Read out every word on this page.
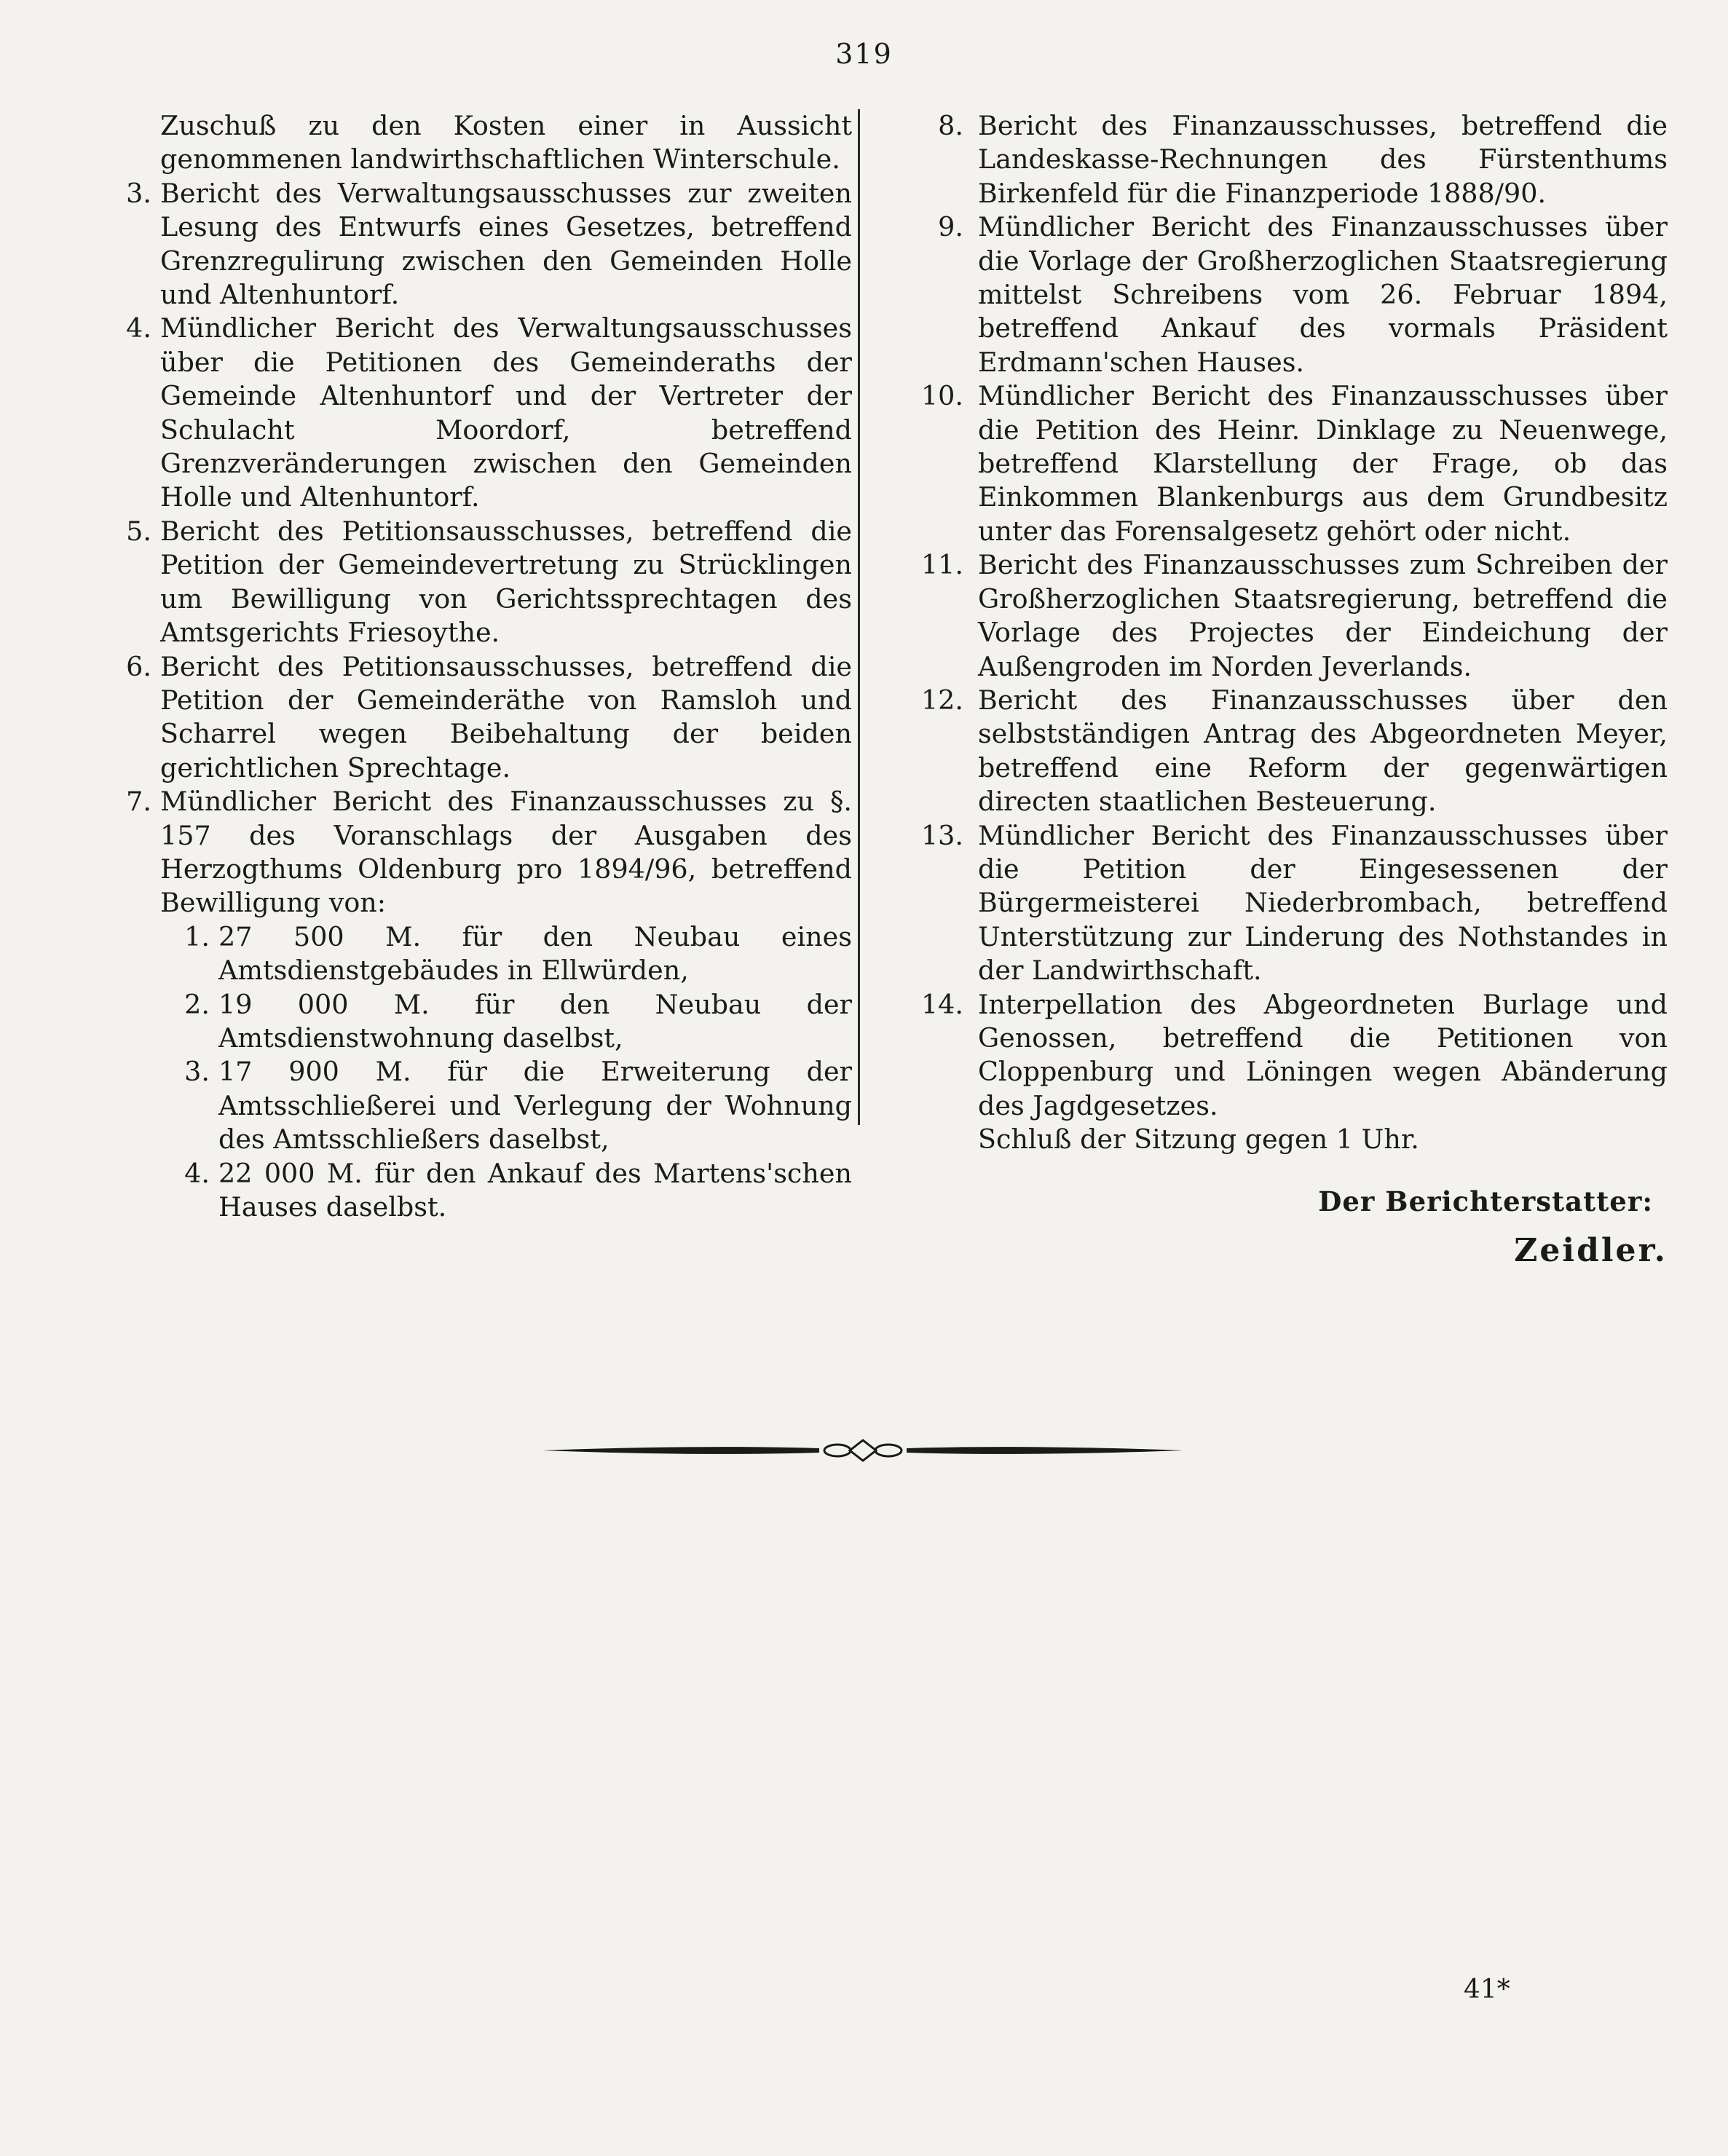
319

Zuschuß zu den Kosten einer in Aussicht genommenen landwirthschaftlichen Winterschule.

3. Bericht des Verwaltungsausschusses zur zweiten Lesung des Entwurfs eines Gesetzes, betreffend Grenzregulirung zwischen den Gemeinden Holle und Altenhuntorf.
4. Mündlicher Bericht des Verwaltungsausschusses über die Petitionen des Gemeinderaths der Gemeinde Altenhuntorf und der Vertreter der Schulacht Moordorf, betreffend Grenzveränderungen zwischen den Gemeinden Holle und Altenhuntorf.
5. Bericht des Petitionsausschusses, betreffend die Petition der Gemeindevertretung zu Strücklingen um Bewilligung von Gerichtssprechtagen des Amtsgerichts Friesoythe.
6. Bericht des Petitionsausschusses, betreffend die Petition der Gemeinderäthe von Ramsloh und Scharrel wegen Beibehaltung der beiden gerichtlichen Sprechtage.
7. Mündlicher Bericht des Finanzausschusses zu §. 157 des Voranschlags der Ausgaben des Herzogthums Oldenburg pro 1894/96, betreffend Bewilligung von:
1. 27 500 M. für den Neubau eines Amtsdienstgebäudes in Ellwürden,
2. 19 000 M. für den Neubau der Amtsdienstwohnung daselbst,
3. 17 900 M. für die Erweiterung der Amtsschließerei und Verlegung der Wohnung des Amtsschließers daselbst,
4. 22 000 M. für den Ankauf des Martens'schen Hauses daselbst.
8. Bericht des Finanzausschusses, betreffend die Landeskasse-Rechnungen des Fürstenthums Birkenfeld für die Finanzperiode 1888/90.
9. Mündlicher Bericht des Finanzausschusses über die Vorlage der Großherzoglichen Staatsregierung mittelst Schreibens vom 26. Februar 1894, betreffend Ankauf des vormals Präsident Erdmann'schen Hauses.
10. Mündlicher Bericht des Finanzausschusses über die Petition des Heinr. Dinklage zu Neuenwege, betreffend Klarstellung der Frage, ob das Einkommen Blankenburgs aus dem Grundbesitz unter das Forensalgesetz gehört oder nicht.
11. Bericht des Finanzausschusses zum Schreiben der Großherzoglichen Staatsregierung, betreffend die Vorlage des Projectes der Eindeichung der Außengroden im Norden Jeverlands.
12. Bericht des Finanzausschusses über den selbstständigen Antrag des Abgeordneten Meyer, betreffend eine Reform der gegenwärtigen directen staatlichen Besteuerung.
13. Mündlicher Bericht des Finanzausschusses über die Petition der Eingesessenen der Bürgermeisterei Niederbrombach, betreffend Unterstützung zur Linderung des Nothstandes in der Landwirthschaft.
14. Interpellation des Abgeordneten Burlage und Genossen, betreffend die Petitionen von Cloppenburg und Löningen wegen Abänderung des Jagdgesetzes.

Schluß der Sitzung gegen 1 Uhr.

Der Berichterstatter:

Zeidler.

41*
